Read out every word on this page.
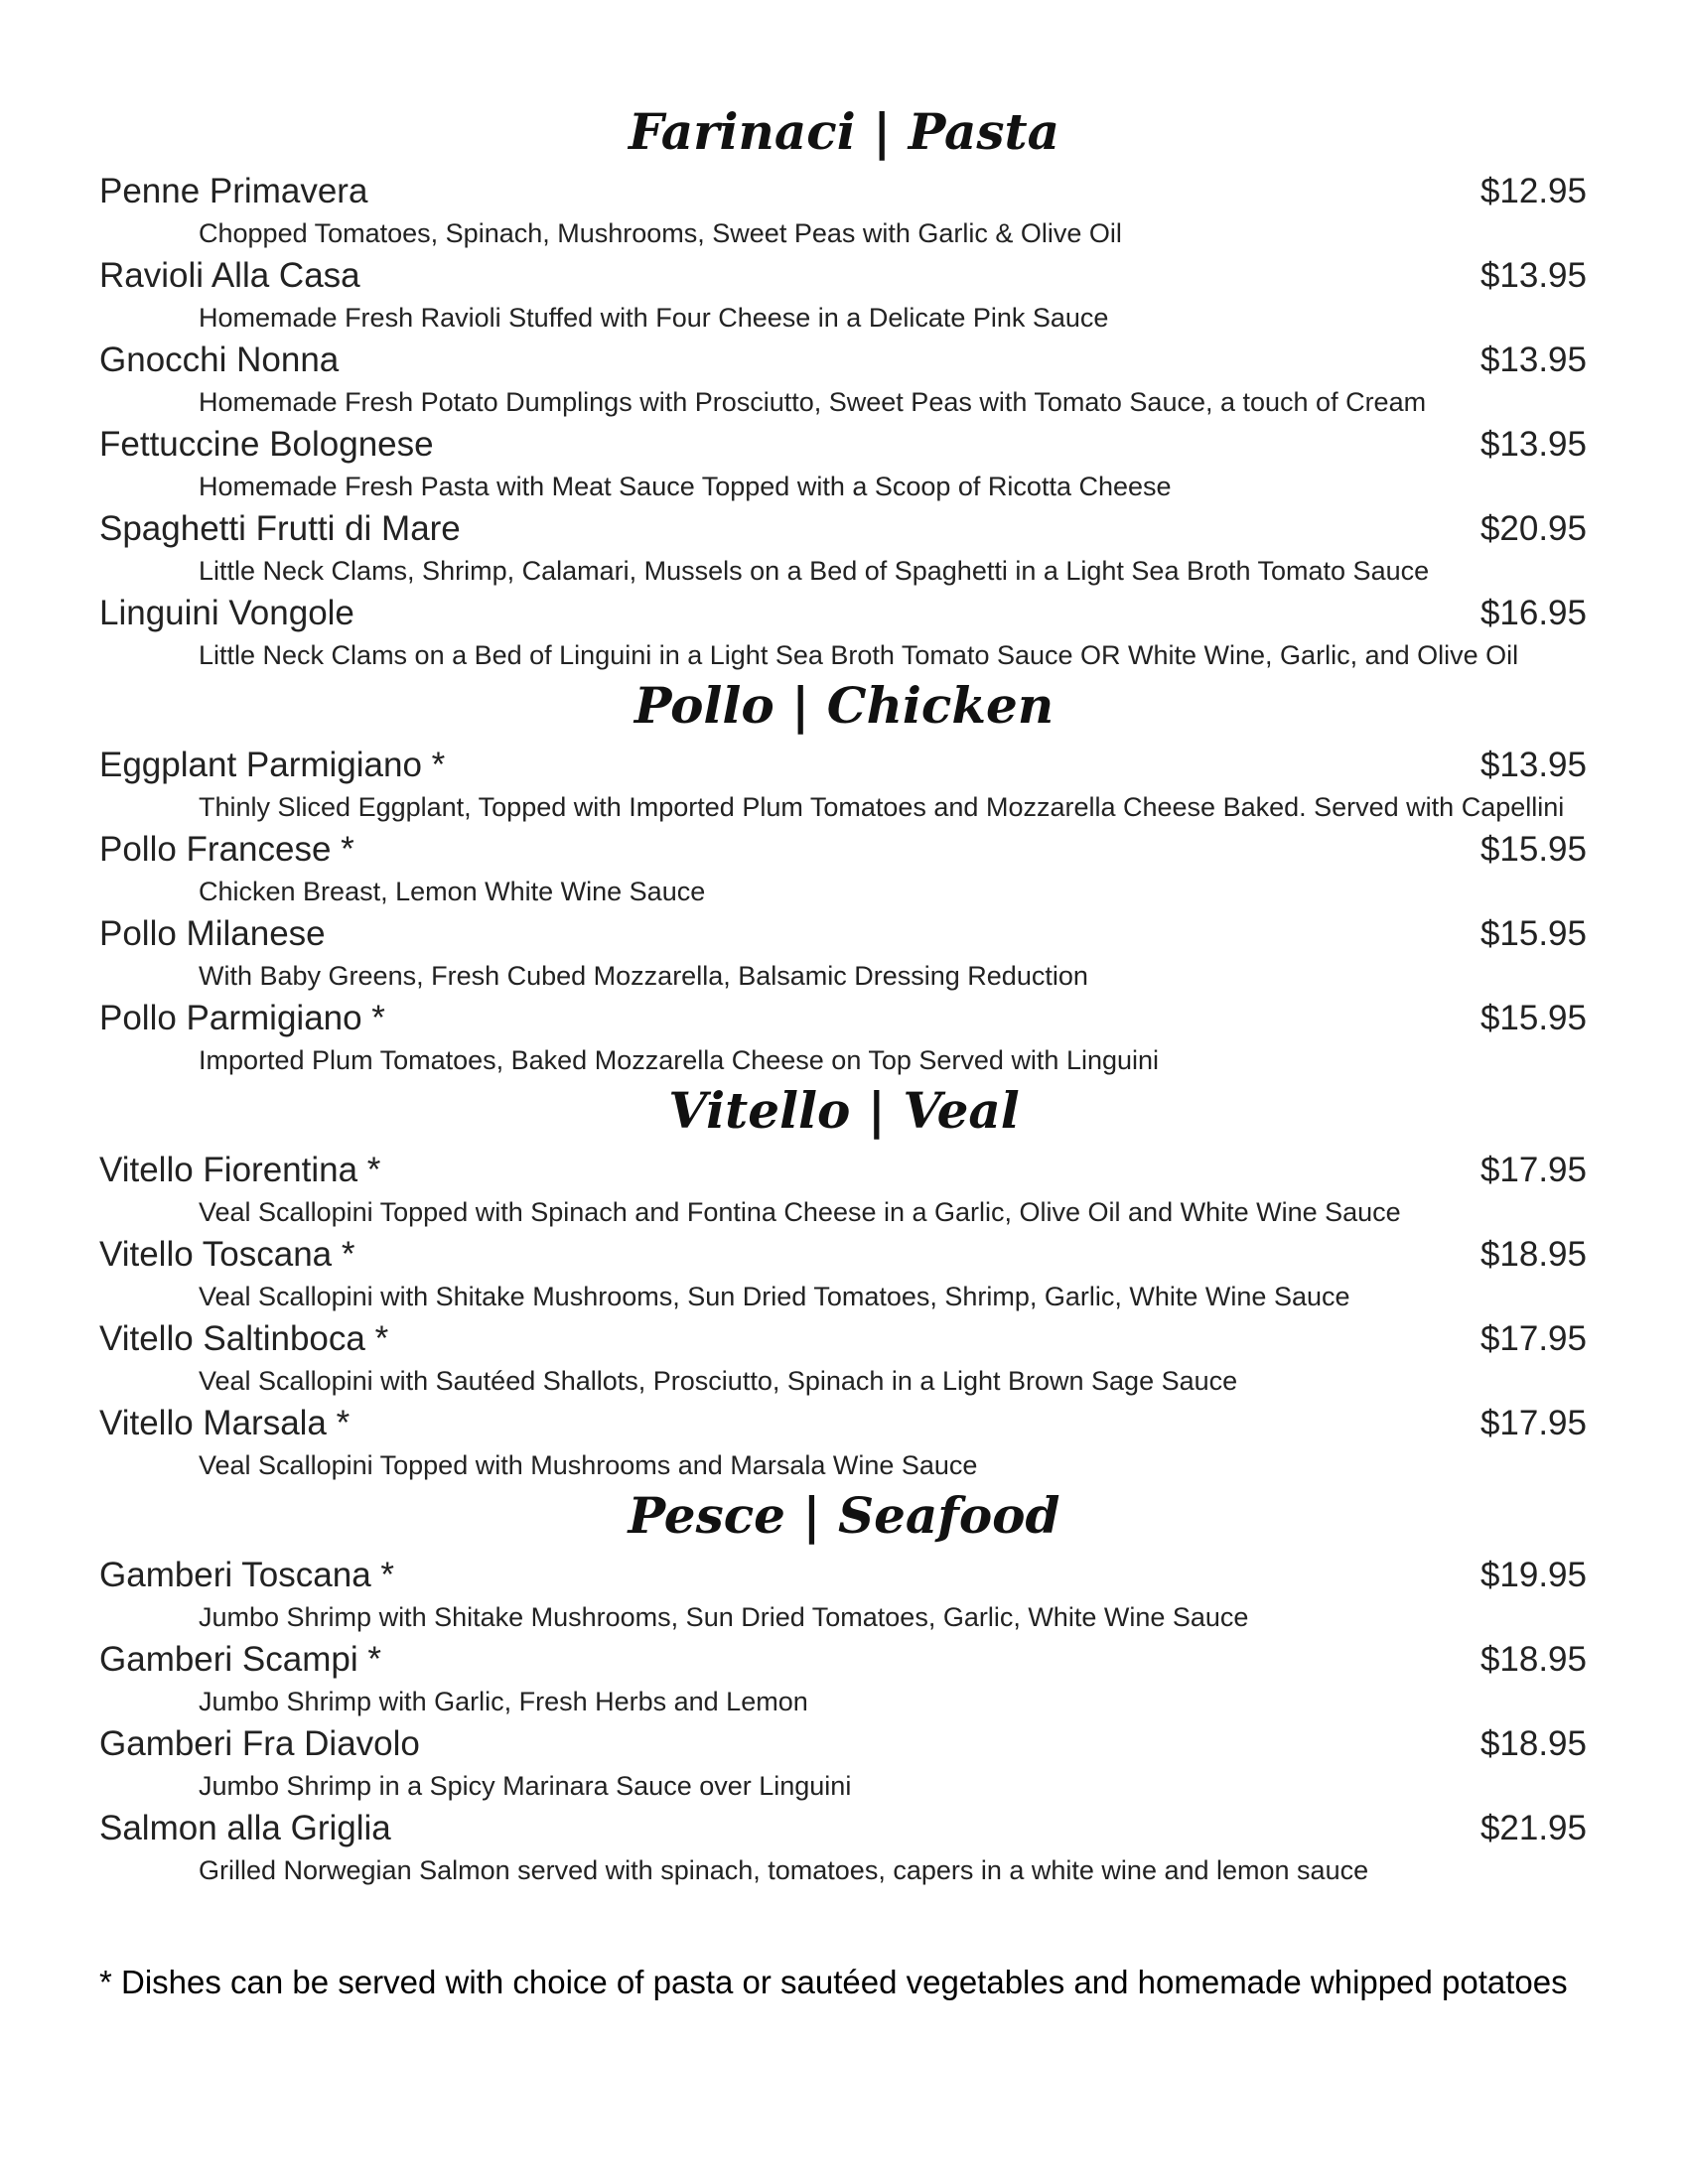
Farinaci | Pasta
Penne Primavera	$12.95
Chopped Tomatoes, Spinach, Mushrooms, Sweet Peas with Garlic & Olive Oil
Ravioli Alla Casa	$13.95
Homemade Fresh Ravioli Stuffed with Four Cheese in a Delicate Pink Sauce
Gnocchi Nonna	$13.95
Homemade Fresh Potato Dumplings with Prosciutto, Sweet Peas with Tomato Sauce, a touch of Cream
Fettuccine Bolognese	$13.95
Homemade Fresh Pasta with Meat Sauce Topped with a Scoop of Ricotta Cheese
Spaghetti Frutti di Mare	$20.95
Little Neck Clams, Shrimp, Calamari, Mussels on a Bed of Spaghetti in a Light Sea Broth Tomato Sauce
Linguini Vongole	$16.95
Little Neck Clams on a Bed of Linguini in a Light Sea Broth Tomato Sauce OR White Wine, Garlic, and Olive Oil
Pollo | Chicken
Eggplant Parmigiano *	$13.95
Thinly Sliced Eggplant, Topped with Imported Plum Tomatoes and Mozzarella Cheese Baked. Served with Capellini
Pollo Francese *	$15.95
Chicken Breast, Lemon White Wine Sauce
Pollo Milanese	$15.95
With Baby Greens, Fresh Cubed Mozzarella, Balsamic Dressing Reduction
Pollo Parmigiano *	$15.95
Imported Plum Tomatoes, Baked Mozzarella Cheese on Top Served with Linguini
Vitello | Veal
Vitello Fiorentina *	$17.95
Veal Scallopini Topped with Spinach and Fontina Cheese in a Garlic, Olive Oil and White Wine Sauce
Vitello Toscana *	$18.95
Veal Scallopini with Shitake Mushrooms, Sun Dried Tomatoes, Shrimp, Garlic, White Wine Sauce
Vitello Saltinboca *	$17.95
Veal Scallopini with Sautéed Shallots, Prosciutto, Spinach in a Light Brown Sage Sauce
Vitello Marsala *	$17.95
Veal Scallopini Topped with Mushrooms and Marsala Wine Sauce
Pesce | Seafood
Gamberi Toscana *	$19.95
Jumbo Shrimp with Shitake Mushrooms, Sun Dried Tomatoes, Garlic, White Wine Sauce
Gamberi Scampi *	$18.95
Jumbo Shrimp with Garlic, Fresh Herbs and Lemon
Gamberi Fra Diavolo	$18.95
Jumbo Shrimp in a Spicy Marinara Sauce over Linguini
Salmon alla Griglia	$21.95
Grilled Norwegian Salmon served with spinach, tomatoes, capers in a white wine and lemon sauce
* Dishes can be served with choice of pasta or sautéed vegetables and homemade whipped potatoes
